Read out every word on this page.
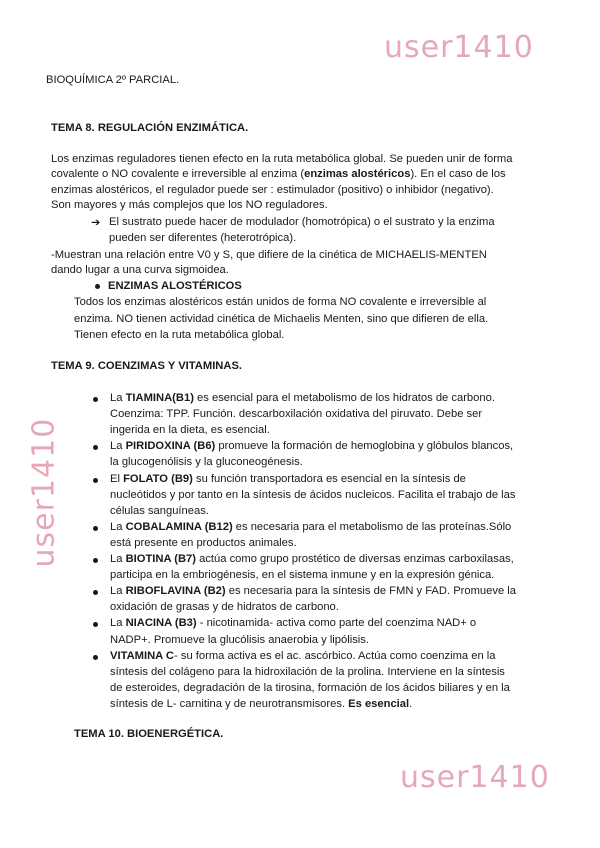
user1410
user1410
user1410
BIOQUÍMICA 2º PARCIAL.
TEMA 8. REGULACIÓN ENZIMÁTICA.
Los enzimas reguladores tienen efecto en la ruta metabólica global. Se pueden unir de forma
covalente o NO covalente e irreversible al enzima (enzimas alostéricos). En el caso de los
enzimas alostéricos, el regulador puede ser : estimulador (positivo) o inhibidor (negativo).
Son mayores y más complejos que los NO reguladores.
➔ El sustrato puede hacer de modulador (homotrópica) o el sustrato y la enzima
pueden ser diferentes (heterotrópica).
-Muestran una relación entre V0 y S, que difiere de la cinética de MICHAELIS-MENTEN
dando lugar a una curva sigmoidea.
ENZIMAS ALOSTÉRICOS
Todos los enzimas alostéricos están unidos de forma NO covalente e irreversible al
enzima. NO tienen actividad cinética de Michaelis Menten, sino que difieren de ella.
Tienen efecto en la ruta metabólica global.
TEMA 9. COENZIMAS Y VITAMINAS.
La TIAMINA(B1) es esencial para el metabolismo de los hidratos de carbono.
Coenzima: TPP. Función. descarboxilación oxidativa del piruvato. Debe ser
ingerida en la dieta, es esencial.
La PIRIDOXINA (B6) promueve la formación de hemoglobina y glóbulos blancos,
la glucogenólisis y la gluconeogénesis.
El FOLATO (B9) su función transportadora es esencial en la síntesis de
nucleótidos y por tanto en la síntesis de ácidos nucleicos. Facilita el trabajo de las
células sanguíneas.
La COBALAMINA (B12) es necesaria para el metabolismo de las proteínas.Sólo
está presente en productos animales.
La BIOTINA (B7) actúa como grupo prostético de diversas enzimas carboxilasas,
participa en la embriogénesis, en el sistema inmune y en la expresión génica.
La RIBOFLAVINA (B2) es necesaria para la síntesis de FMN y FAD. Promueve la
oxidación de grasas y de hidratos de carbono.
La NIACINA (B3) - nicotinamida- activa como parte del coenzima NAD+ o
NADP+. Promueve la glucólisis anaerobia y lipólisis.
VITAMINA C- su forma activa es el ac. ascórbico. Actúa como coenzima en la
síntesis del colágeno para la hidroxilación de la prolina. Interviene en la síntesis
de esteroides, degradación de la tirosina, formación de los ácidos biliares y en la
síntesis de L- carnitina y de neurotransmisores. Es esencial.
TEMA 10. BIOENERGÉTICA.
